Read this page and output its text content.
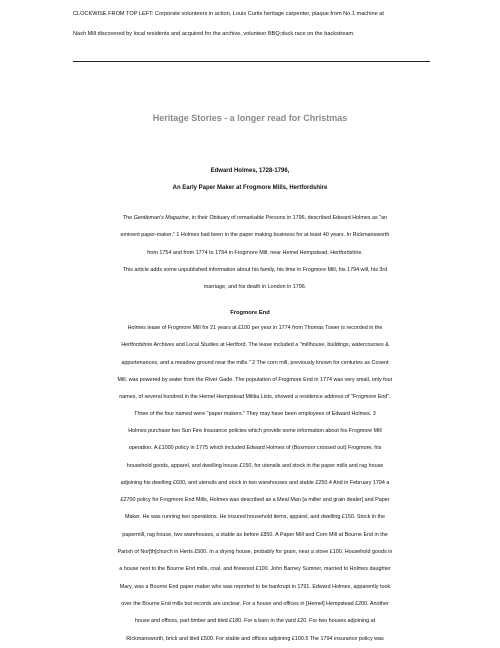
CLOCKWISE FROM TOP LEFT: Corporate volunteers in action, Louis Curtis heritage carpenter, plaque from No.1 machine at
Nash Mill discovered by local residents and acquired for the archive, volunteer BBQ;duck race on the backstream.
Heritage Stories - a longer read for Christmas
Edward Holmes, 1728-1796,
An Early Paper Maker at Frogmore Mills, Hertfordshire
The Gentleman's Magazine, in their Obituary of remarkable Persons in 1796, described Edward Holmes as "an
eminent paper-maker." 1 Holmes had been in the paper making business for at least 40 years. In Rickmansworth
from 1754 and from 1774 to 1794 in Frogmore Mill, near Hemel Hempstead, Hertfordshire.
This article adds some unpublished information about his family, his time in Frogmore Mill, his 1794 will, his 3rd
marriage, and his death in London in 1796.
Frogmore End
Holmes lease of Frogmore Mill for 21 years at £100 per year in 1774 from Thomas Tower is recorded in the
Hertfordshire Archives and Local Studies at Hertford. The lease included a "millhouse, buildings, watercourses &
appurtenances, and a meadow ground near the mills." 2 The corn mill, previously known for centuries as Covent
Mill, was powered by water from the River Gade. The population of Frogmore End in 1774 was very small, only four
names, of several hundred in the Hemel Hempstead Militia Lists, showed a residence address of "Frogmore End".
Three of the four named were "paper makers." They may have been employees of Edward Holmes. 3
Holmes purchase two Sun Fire Insurance policies which provide some information about his Frogmore Mill
operation. A £1000 policy in 1775 which included Edward Holmes of (Boxmoor crossed out) Frogmore, his
household goods, apparel, and dwelling house £150, for utensils and stock in the paper mills and rag house
adjoining his dwelling £600, and utensils and stock in two warehouses and stable £250.4 And in February 1794 a
£2700 policy for Frogmore End Mills, Holmes was described as a Meal Man [a miller and grain dealer] and Paper
Maker. He was running two operations. He insured household items, apparel, and dwelling £150. Stock in the
papermill, rag house, two warehouses, a stable as before £850. A Paper Mill and Corn Mill at Bourne End in the
Parish of Nor[th]church in Herts £500. In a drying house, probably for grain, near a stove £100. Household goods in
a house next to the Bourne End mills, coal, and firewood £100. John Barney Sumner, married to Holmes daughter
Mary, was a Bourne End paper maker who was reported to be bankrupt in 1791. Edward Holmes, apparently took
over the Bourne End mills but records are unclear. For a house and offices in [Hemel] Hempstead £200. Another
house and offices, part timber and tiled £180. For a barn in the yard £20. For two houses adjoining at
Rickmansworth, brick and tiled £500. For stable and offices adjoining £100.5 The 1794 insurance policy was
